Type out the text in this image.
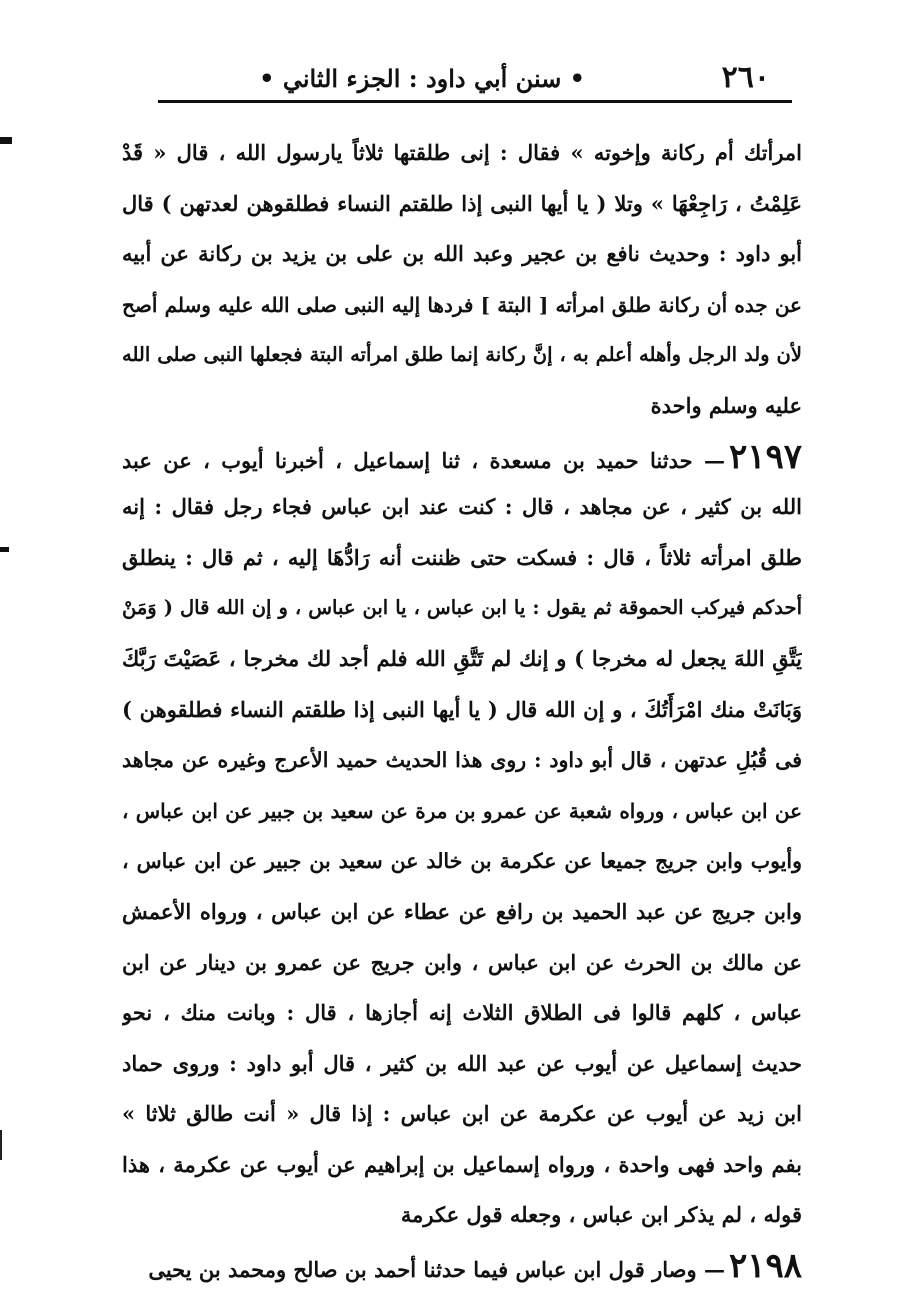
٢٦٠
• سنن أبي داود : الجزء الثاني •
امرأتك أم ركانة وإخوته » فقال : إنى طلقتها ثلاثاً يارسول الله ، قال « قَدْ
عَلِمْتُ ، رَاجِعْهَا » وتلا ( يا أيها النبى إذا طلقتم النساء فطلقوهن لعدتهن ) قال
أبو داود : وحديث نافع بن عجير وعبد الله بن على بن يزيد بن ركانة عن أبيه
عن جده أن ركانة طلق امرأته [ البتة ] فردها إليه النبى صلى الله عليه وسلم أصح
لأن ولد الرجل وأهله أعلم به ، إنَّ ركانة إنما طلق امرأته البتة فجعلها النبى صلى الله
عليه وسلم واحدة
٢١٩٧— حدثنا حميد بن مسعدة ، ثنا إسماعيل ، أخبرنا أيوب ، عن عبد
الله بن كثير ، عن مجاهد ، قال : كنت عند ابن عباس فجاء رجل فقال : إنه
طلق امرأته ثلاثاً ، قال : فسكت حتى ظننت أنه رَادُّهَا إليه ، ثم قال : ينطلق
أحدكم فيركب الحموقة ثم يقول : يا ابن عباس ، يا ابن عباس ، و إن الله قال ( وَمَنْ
يَتَّقِ اللهَ يجعل له مخرجا ) و إنك لم تَتَّقِ الله فلم أجد لك مخرجا ، عَصَيْتَ رَبَّكَ
وَبَانَتْ منك امْرَأَتُكَ ، و إن الله قال ( يا أيها النبى إذا طلقتم النساء فطلقوهن )
فى قُبُلِ عدتهن ، قال أبو داود : روى هذا الحديث حميد الأعرج وغيره عن مجاهد
عن ابن عباس ، ورواه شعبة عن عمرو بن مرة عن سعيد بن جبير عن ابن عباس ،
وأيوب وابن جريج جميعا عن عكرمة بن خالد عن سعيد بن جبير عن ابن عباس ،
وابن جريج عن عبد الحميد بن رافع عن عطاء عن ابن عباس ، ورواه الأعمش
عن مالك بن الحرث عن ابن عباس ، وابن جريج عن عمرو بن دينار عن ابن
عباس ، كلهم قالوا فى الطلاق الثلاث إنه أجازها ، قال : وبانت منك ، نحو
حديث إسماعيل عن أيوب عن عبد الله بن كثير ، قال أبو داود : وروى حماد
ابن زيد عن أيوب عن عكرمة عن ابن عباس : إذا قال « أنت طالق ثلاثا »
بفم واحد فهى واحدة ، ورواه إسماعيل بن إبراهيم عن أيوب عن عكرمة ، هذا
قوله ، لم يذكر ابن عباس ، وجعله قول عكرمة
٢١٩٨— وصار قول ابن عباس فيما حدثنا أحمد بن صالح ومحمد بن يحيى
